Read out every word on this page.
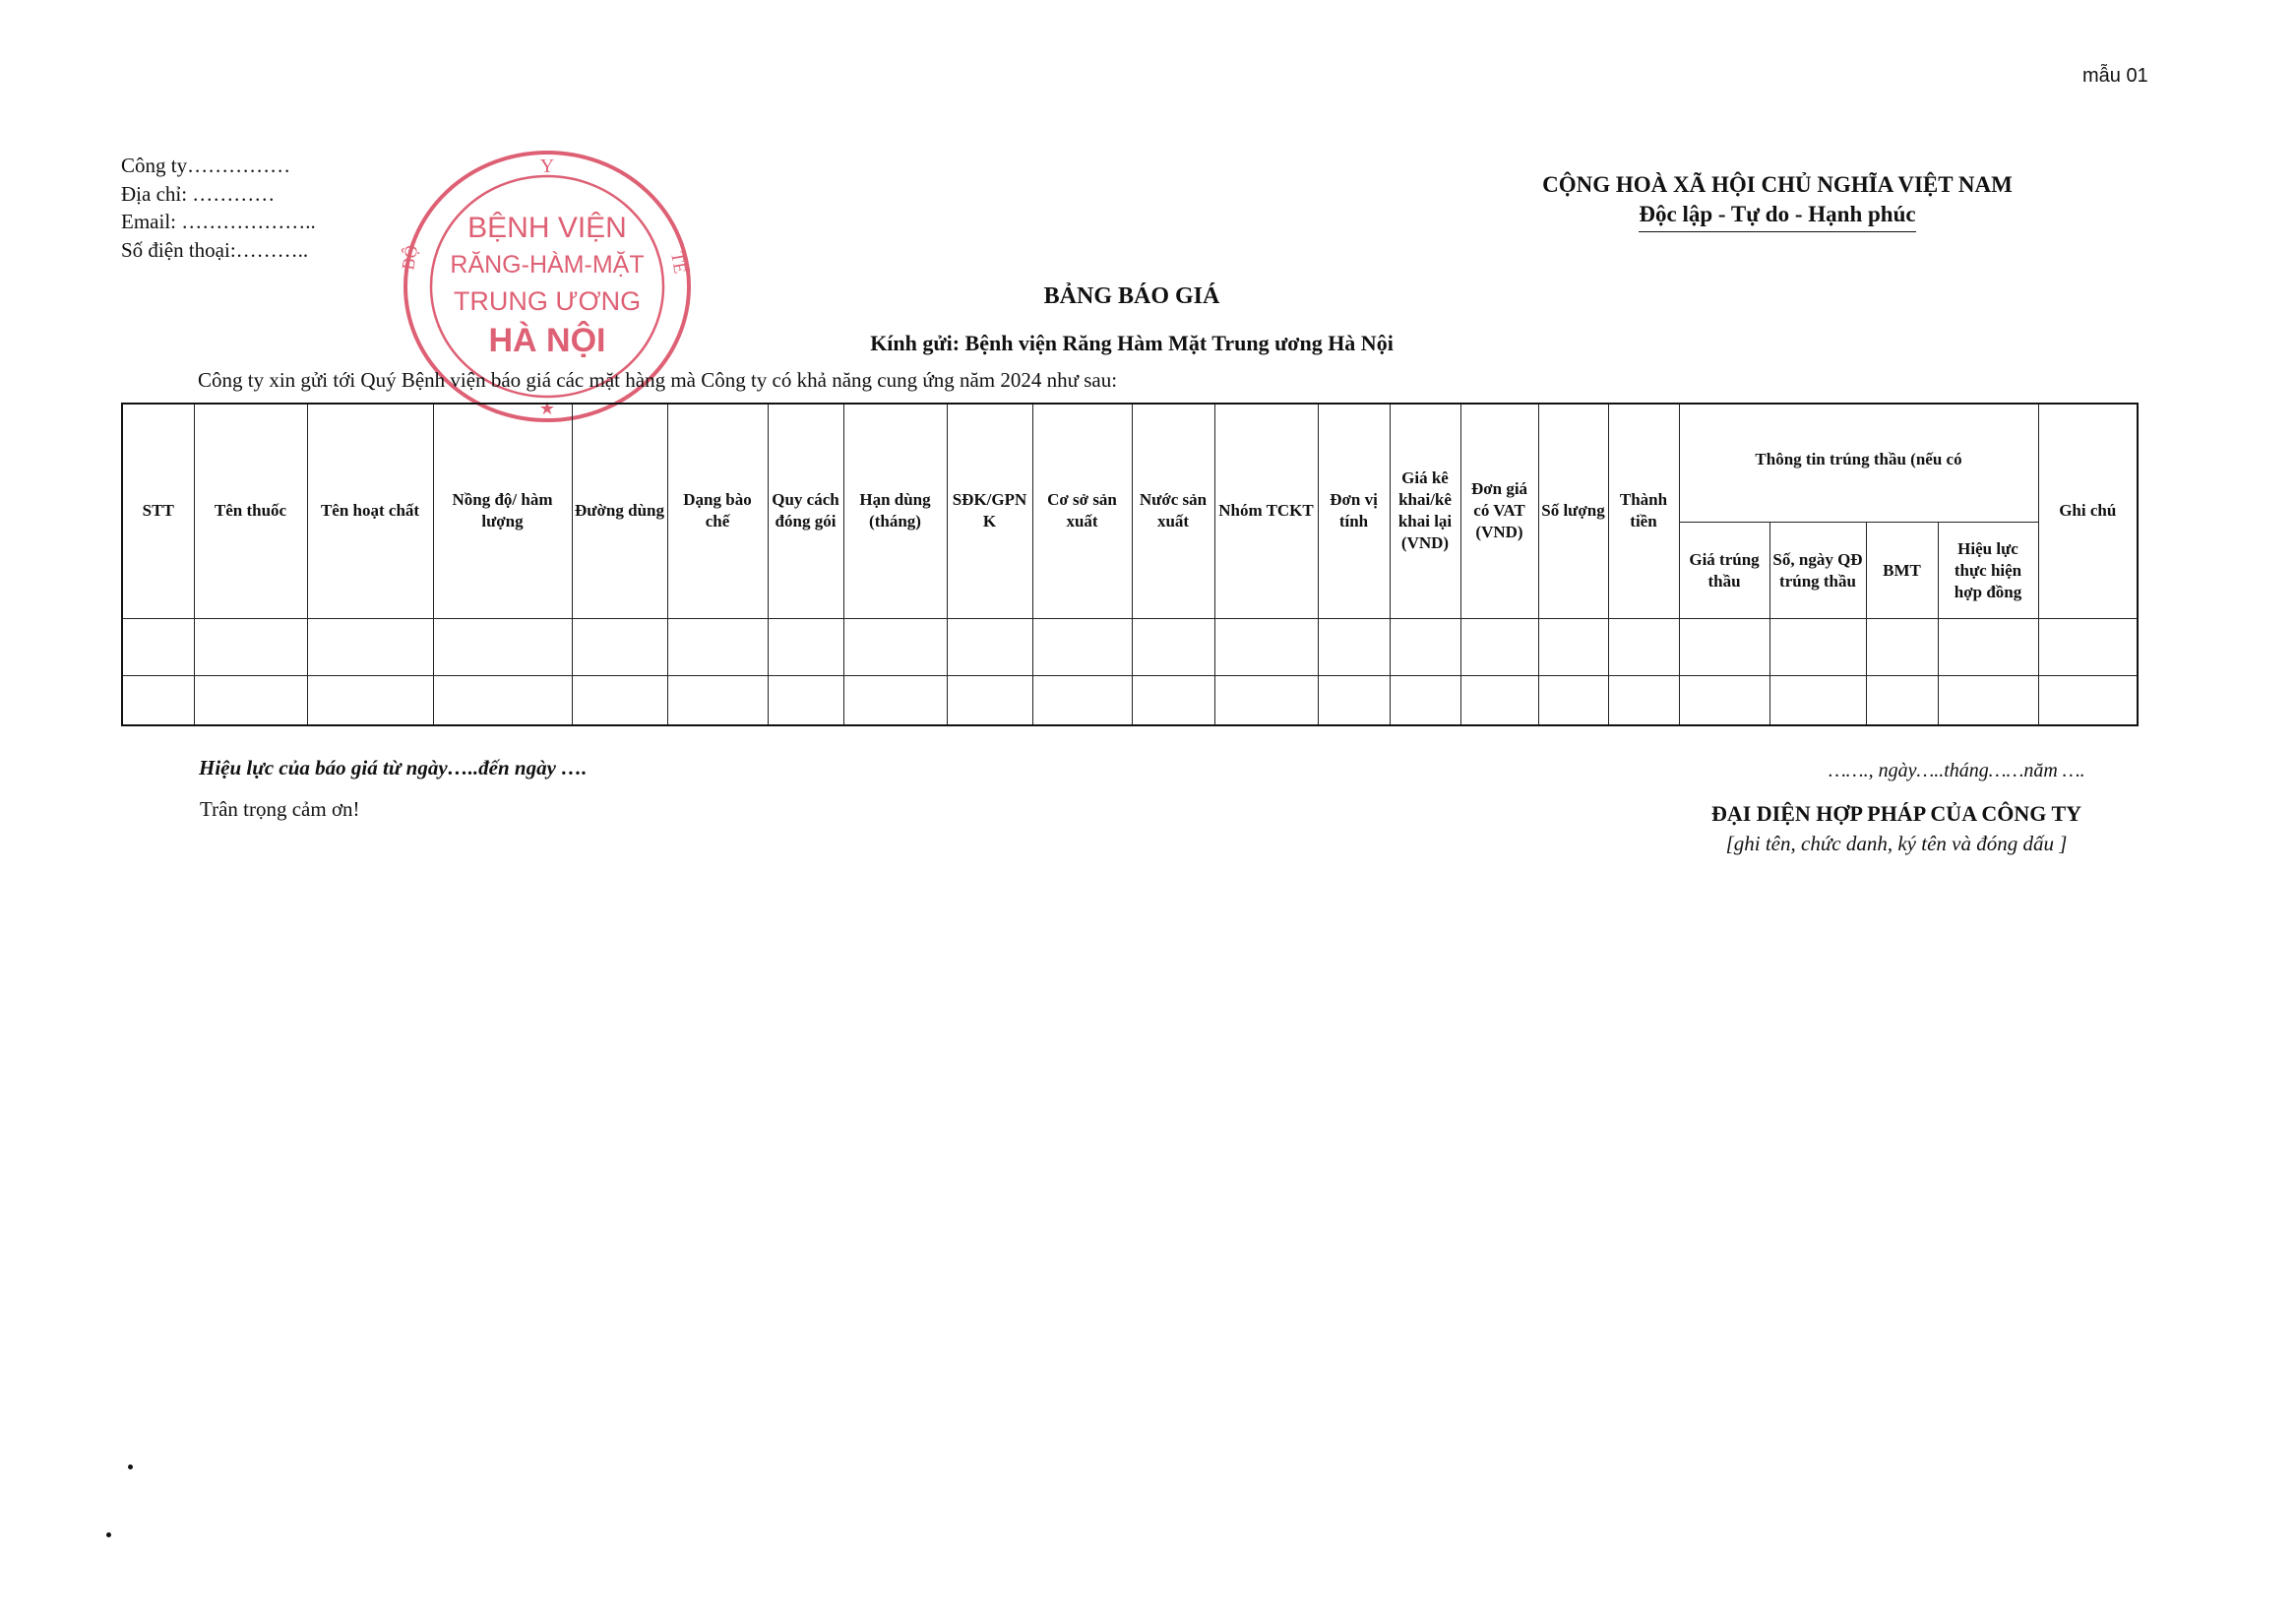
mẫu 01
Công ty……………
Địa chỉ: …………
Email: ………………..
Số điện thoại:………..
CỘNG HOÀ XÃ HỘI CHỦ NGHĨA VIỆT NAM
Độc lập - Tự do - Hạnh phúc
Y
BỆNH VIỆN
RĂNG-HÀM-MẶT
TRUNG ƯƠNG
HÀ NỘI
BỘ	TẾ
★
BẢNG BÁO GIÁ
Kính gửi: Bệnh viện Răng Hàm Mặt Trung ương Hà Nội
Công ty xin gửi tới Quý Bệnh viện báo giá các mặt hàng mà Công ty có khả năng cung ứng năm 2024 như sau:
STT	Tên thuốc	Tên hoạt chất	Nồng độ/ hàm lượng	Đường dùng	Dạng bào chế	Quy cách đóng gói	Hạn dùng (tháng)	SĐK/GPNK	Cơ sở sản xuất	Nước sản xuất	Nhóm TCKT	Đơn vị tính	Giá kê khai/kê khai lại (VND)	Đơn giá có VAT (VND)	Số lượng	Thành tiền	Thông tin trúng thầu (nếu có				Ghi chú
																	Giá trúng thầu	Số, ngày QĐ trúng thầu	BMT	Hiệu lực thực hiện hợp đồng	

Hiệu lực của báo giá từ ngày…..đến ngày ….
Trân trọng cảm ơn!
……., ngày…..tháng……năm ….
ĐẠI DIỆN HỢP PHÁP CỦA CÔNG TY
[ghi tên, chức danh, ký tên và đóng dấu ]
